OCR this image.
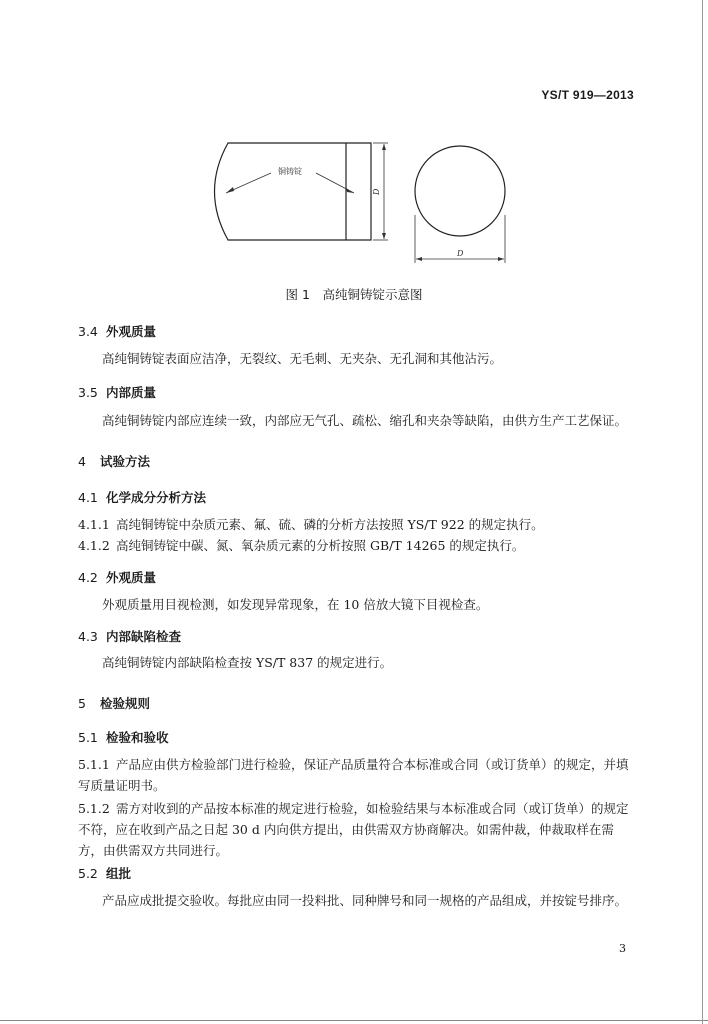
YS/T 919—2013
铜铸锭
D
D
图 1　高纯铜铸锭示意图
3.4 外观质量
高纯铜铸锭表面应洁净，无裂纹、无毛刺、无夹杂、无孔洞和其他沾污。
3.5 内部质量
高纯铜铸锭内部应连续一致，内部应无气孔、疏松、缩孔和夹杂等缺陷，由供方生产工艺保证。
4 试验方法
4.1 化学成分分析方法
4.1.1 高纯铜铸锭中杂质元素、氟、硫、磷的分析方法按照 YS/T 922 的规定执行。
4.1.2 高纯铜铸锭中碳、氮、氧杂质元素的分析按照 GB/T 14265 的规定执行。
4.2 外观质量
外观质量用目视检测，如发现异常现象，在 10 倍放大镜下目视检查。
4.3 内部缺陷检查
高纯铜铸锭内部缺陷检查按 YS/T 837 的规定进行。
5 检验规则
5.1 检验和验收
5.1.1 产品应由供方检验部门进行检验，保证产品质量符合本标准或合同（或订货单）的规定，并填写质量证明书。
5.1.2 需方对收到的产品按本标准的规定进行检验，如检验结果与本标准或合同（或订货单）的规定不符，应在收到产品之日起 30 d 内向供方提出，由供需双方协商解决。如需仲裁，仲裁取样在需方，由供需双方共同进行。
5.2 组批
产品应成批提交验收。每批应由同一投料批、同种牌号和同一规格的产品组成，并按锭号排序。
3
